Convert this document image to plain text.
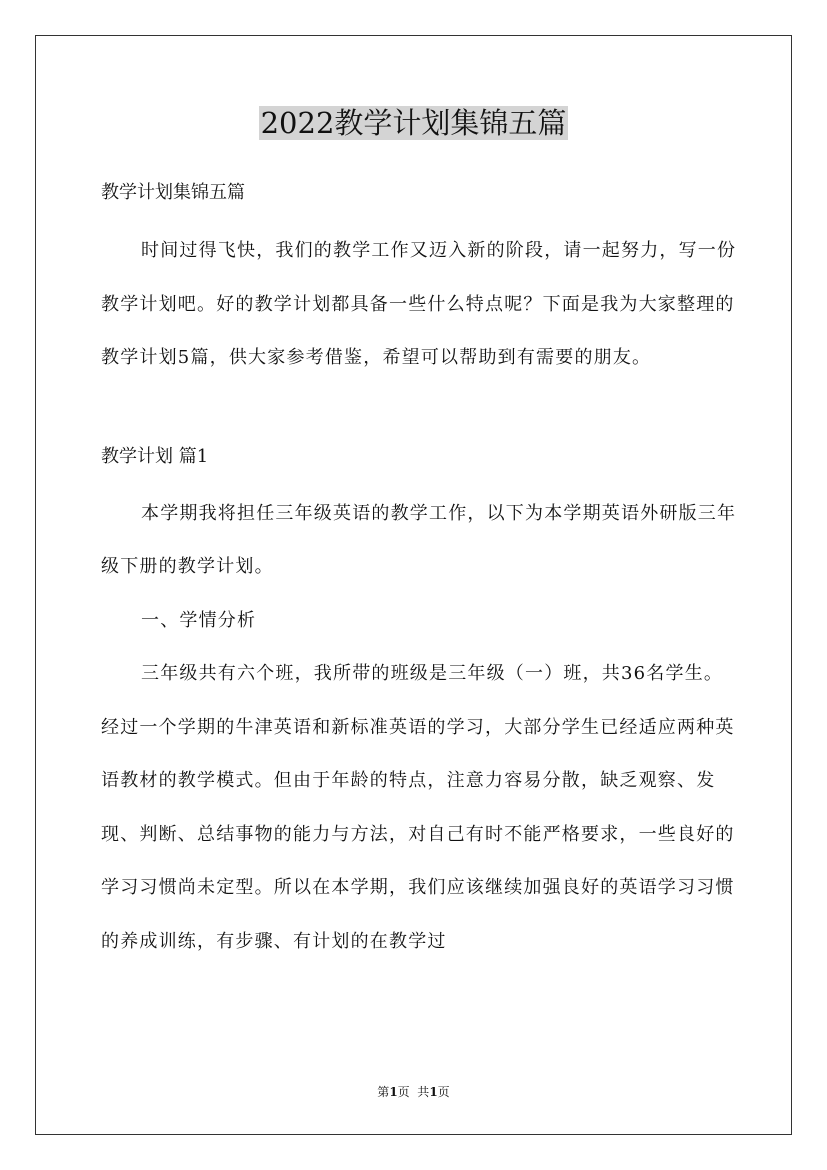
2022教学计划集锦五篇
教学计划集锦五篇

时间过得飞快，我们的教学工作又迈入新的阶段，请一起努力，写一份教学计划吧。好的教学计划都具备一些什么特点呢？下面是我为大家整理的教学计划5篇，供大家参考借鉴，希望可以帮助到有需要的朋友。

教学计划 篇1

本学期我将担任三年级英语的教学工作，以下为本学期英语外研版三年级下册的教学计划。

一、学情分析

三年级共有六个班，我所带的班级是三年级（一）班，共36名学生。经过一个学期的牛津英语和新标准英语的学习，大部分学生已经适应两种英语教材的教学模式。但由于年龄的特点，注意力容易分散，缺乏观察、发现、判断、总结事物的能力与方法，对自己有时不能严格要求，一些良好的学习习惯尚未定型。所以在本学期，我们应该继续加强良好的英语学习习惯的养成训练，有步骤、有计划的在教学过

第1页  共1页
